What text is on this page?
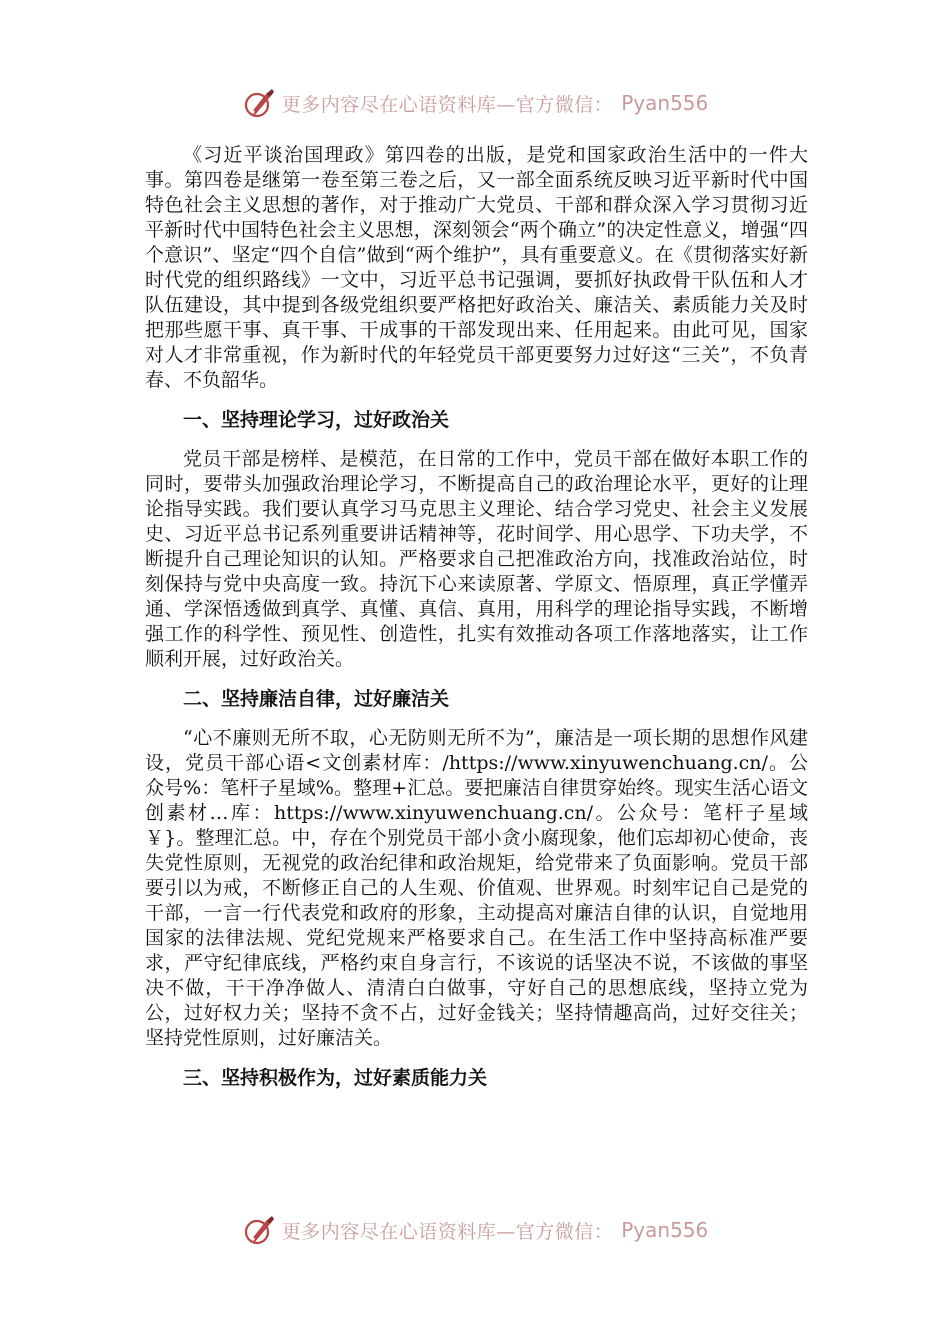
更多内容尽在心语资料库—官方微信： Pyan556

《习近平谈治国理政》第四卷的出版，是党和国家政治生活中的一件大事。第四卷是继第一卷至第三卷之后，又一部全面系统反映习近平新时代中国特色社会主义思想的著作，对于推动广大党员、干部和群众深入学习贯彻习近平新时代中国特色社会主义思想，深刻领会“两个确立”的决定性意义，增强“四个意识”、坚定“四个自信”做到“两个维护”，具有重要意义。在《贯彻落实好新时代党的组织路线》一文中，习近平总书记强调，要抓好执政骨干队伍和人才队伍建设，其中提到各级党组织要严格把好政治关、廉洁关、素质能力关及时把那些愿干事、真干事、干成事的干部发现出来、任用起来。由此可见，国家对人才非常重视，作为新时代的年轻党员干部更要努力过好这“三关”，不负青春、不负韶华。

一、坚持理论学习，过好政治关

党员干部是榜样、是模范，在日常的工作中，党员干部在做好本职工作的同时，要带头加强政治理论学习，不断提高自己的政治理论水平，更好的让理论指导实践。我们要认真学习马克思主义理论、结合学习党史、社会主义发展史、习近平总书记系列重要讲话精神等，花时间学、用心思学、下功夫学，不断提升自己理论知识的认知。严格要求自己把准政治方向，找准政治站位，时刻保持与党中央高度一致。持沉下心来读原著、学原文、悟原理，真正学懂弄通、学深悟透做到真学、真懂、真信、真用，用科学的理论指导实践，不断增强工作的科学性、预见性、创造性，扎实有效推动各项工作落地落实，让工作顺利开展，过好政治关。

二、坚持廉洁自律，过好廉洁关

“心不廉则无所不取，心无防则无所不为”，廉洁是一项长期的思想作风建设，党员干部心语<文创素材库：/https://www.xinyuwenchuang.cn/。公众号%：笔杆子星域%。整理+汇总。要把廉洁自律贯穿始终。现实生活心语文创素材…库：https://www.xinyuwenchuang.cn/。公众号：笔杆子星域￥}。整理汇总。中，存在个别党员干部小贪小腐现象，他们忘却初心使命，丧失党性原则，无视党的政治纪律和政治规矩，给党带来了负面影响。党员干部要引以为戒，不断修正自己的人生观、价值观、世界观。时刻牢记自己是党的干部，一言一行代表党和政府的形象，主动提高对廉洁自律的认识，自觉地用国家的法律法规、党纪党规来严格要求自己。在生活工作中坚持高标准严要求，严守纪律底线，严格约束自身言行，不该说的话坚决不说，不该做的事坚决不做，干干净净做人、清清白白做事，守好自己的思想底线，坚持立党为公，过好权力关；坚持不贪不占，过好金钱关；坚持情趣高尚，过好交往关；坚持党性原则，过好廉洁关。

三、坚持积极作为，过好素质能力关

更多内容尽在心语资料库—官方微信： Pyan556
